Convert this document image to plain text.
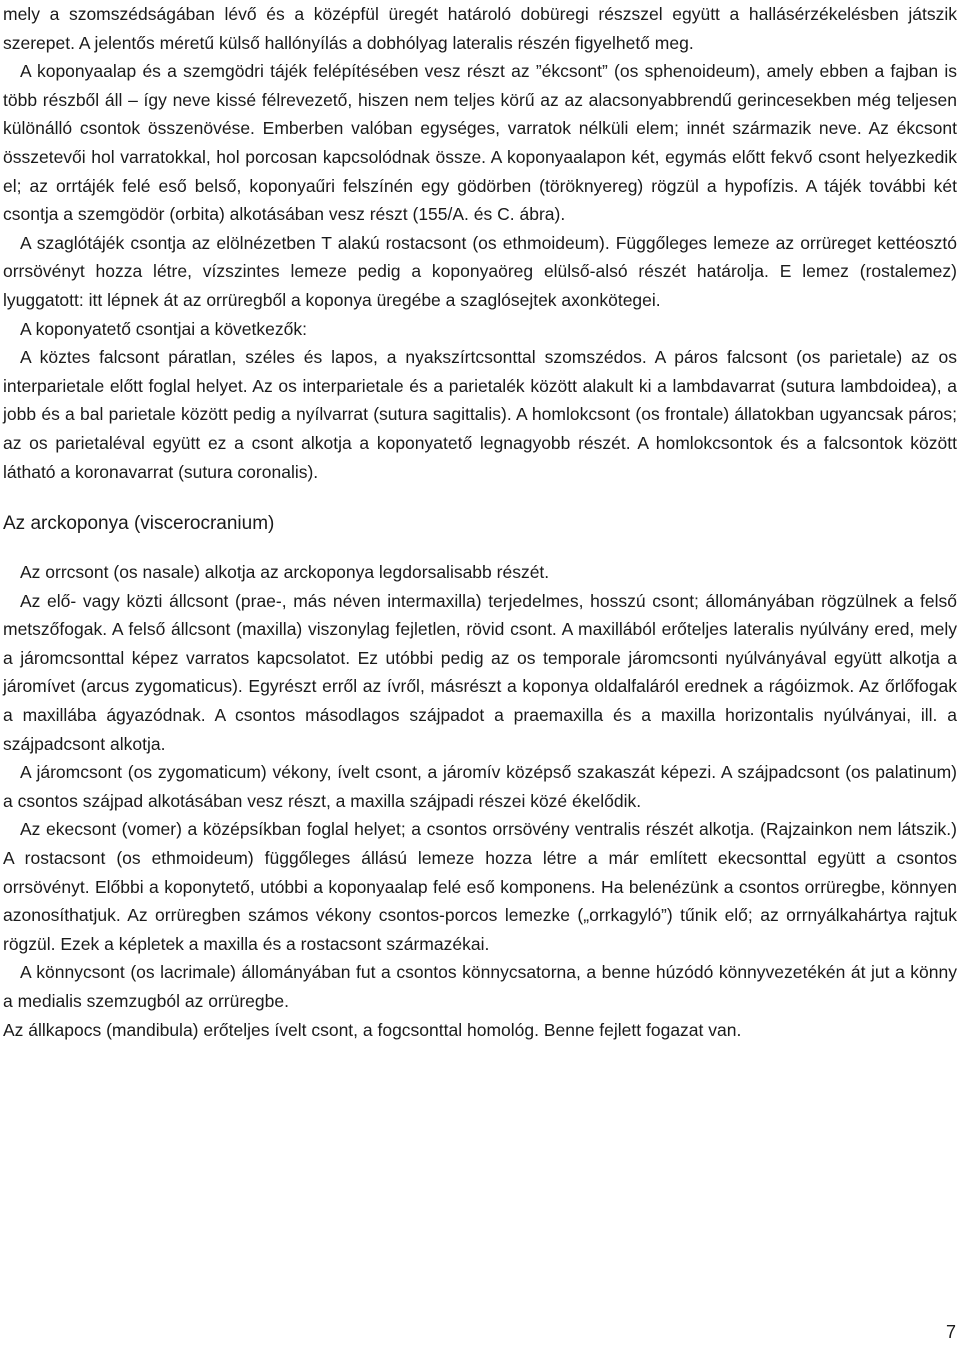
mely a szomszédságában lévő és a középfül üregét határoló dobüregi részszel együtt a hallásérzékelésben játszik szerepet. A jelentős méretű külső hallónyílás a dobhólyag lateralis részén figyelhető meg.

A koponyaalap és a szemgödri tájék felépítésében vesz részt az ”ékcsont” (os sphenoideum), amely ebben a fajban is több részből áll – így neve kissé félrevezető, hiszen nem teljes körű az az alacsonyabbrendű gerincesekben még teljesen különálló csontok összenövése. Emberben valóban egységes, varratok nélküli elem; innét származik neve. Az ékcsont összetevői hol varratokkal, hol porcosan kapcsolódnak össze. A koponyaalapon két, egymás előtt fekvő csont helyezkedik el; az orrtájék felé eső belső, koponyaűri felszínén egy gödörben (töröknyereg) rögzül a hypofízis. A tájék további két csontja a szemgödör (orbita) alkotásában vesz részt (155/A. és C. ábra).

A szaglótájék csontja az elölnézetben T alakú rostacsont (os ethmoideum). Függőleges lemeze az orrüreget kettéosztó orrsövényt hozza létre, vízszintes lemeze pedig a koponyaöreg elülső-alsó részét határolja. E lemez (rostalemez) lyuggatott: itt lépnek át az orrüregből a koponya üregébe a szaglósejtek axonkötegei.

A koponyatető csontjai a következők:

A köztes falcsont páratlan, széles és lapos, a nyakszírtcsonttal szomszédos. A páros falcsont (os parietale) az os interparietale előtt foglal helyet. Az os interparietale és a parietalék között alakult ki a lambdavarrat (sutura lambdoidea), a jobb és a bal parietale között pedig a nyílvarrat (sutura sagittalis). A homlokcsont (os frontale) állatokban ugyancsak páros; az os parietaléval együtt ez a csont alkotja a koponyatető legnagyobb részét. A homlokcsontok és a falcsontok között látható a koronavarrat (sutura coronalis).

Az arckoponya (viscerocranium)

Az orrcsont (os nasale) alkotja az arckoponya legdorsalisabb részét.

Az elő- vagy közti állcsont (prae-, más néven intermaxilla) terjedelmes, hosszú csont; állományában rögzülnek a felső metszőfogak. A felső állcsont (maxilla) viszonylag fejletlen, rövid csont. A maxillából erőteljes lateralis nyúlvány ered, mely a járomcsonttal képez varratos kapcsolatot. Ez utóbbi pedig az os temporale járomcsonti nyúlványával együtt alkotja a járomívet (arcus zygomaticus). Egyrészt erről az ívről, másrészt a koponya oldalfaláról erednek a rágóizmok. Az őrlőfogak a maxillába ágyazódnak. A csontos másodlagos szájpadot a praemaxilla és a maxilla horizontalis nyúlványai, ill. a szájpadcsont alkotja.

A járomcsont (os zygomaticum) vékony, ívelt csont, a járomív középső szakaszát képezi. A szájpadcsont (os palatinum) a csontos szájpad alkotásában vesz részt, a maxilla szájpadi részei közé ékelődik.

Az ekecsont (vomer) a középsíkban foglal helyet; a csontos orrsövény ventralis részét alkotja. (Rajzainkon nem látszik.) A rostacsont (os ethmoideum) függőleges állású lemeze hozza létre a már említett ekecsonttal együtt a csontos orrsövényt. Előbbi a koponytető, utóbbi a koponyaalap felé eső komponens. Ha belenézünk a csontos orrüregbe, könnyen azonosíthatjuk. Az orrüregben számos vékony csontos-porcos lemezke („orrkagyló”) tűnik elő; az orrnyálkahártya rajtuk rögzül. Ezek a képletek a maxilla és a rostacsont származékai.

A könnycsont (os lacrimale) állományában fut a csontos könnycsatorna, a benne húzódó könnyvezetékén át jut a könny a medialis szemzugból az orrüregbe.

Az állkapocs (mandibula) erőteljes ívelt csont, a fogcsonttal homológ. Benne fejlett fogazat van.

7
